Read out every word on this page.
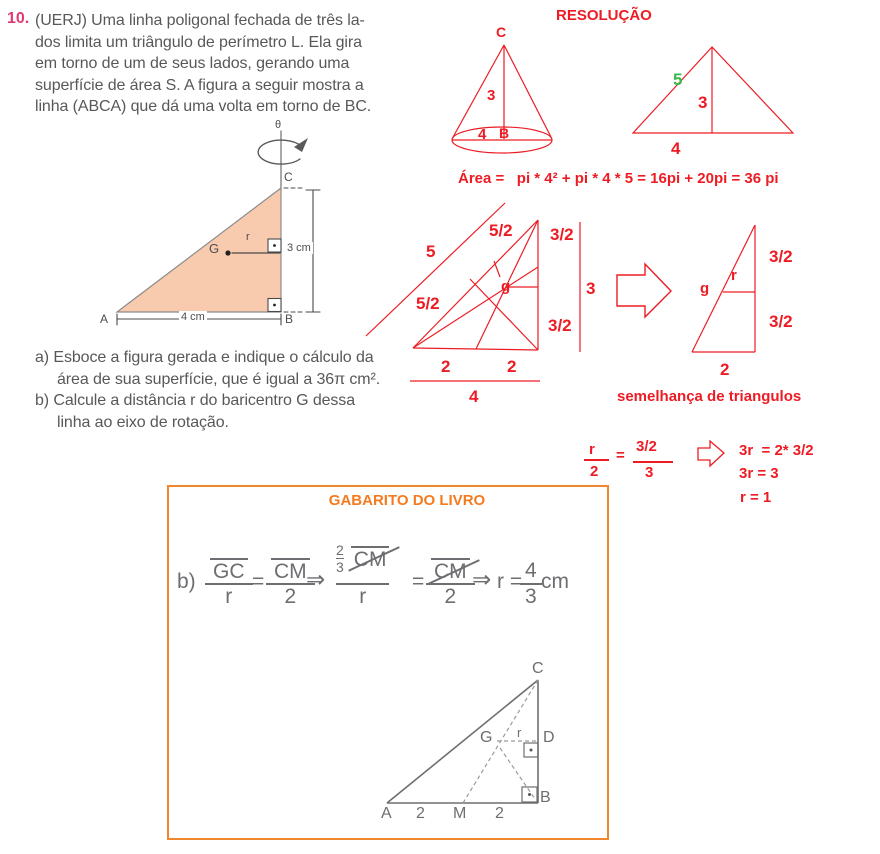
10. (UERJ) Uma linha poligonal fechada de três la-
dos limita um triângulo de perímetro L. Ela gira
em torno de um de seus lados, gerando uma
superfície de área S. A figura a seguir mostra a
linha (ABCA) que dá uma volta em torno de BC.
a) Esboce a figura gerada e indique o cálculo da
área de sua superfície, que é igual a 36π cm².
b) Calcule a distância r do baricentro G dessa
linha ao eixo de rotação.
θ
C
G
r
3 cm
A	4 cm	B
RESOLUÇÃO
C
3
4 B
5
3
4
Área =   pi * 4² + pi * 4 * 5 = 16pi + 20pi = 36 pi
5/2
5
5/2
g
3/2
3
3/2
2	2
4
3/2
r
g
3/2
2
semelhança de triangulos
r
2
=
3/2
3
3r  = 2* 3/2
3r = 3
r = 1
GABARITO DO LIVRO
$b) \frac{GC}{r} = \frac{CM}{2}$
⇒ 2
3 CM
$r = \frac{CM}{2}$
⇒ r =
$\frac{4}{3}$ cm
C
G r D
A 2 M 2
B
